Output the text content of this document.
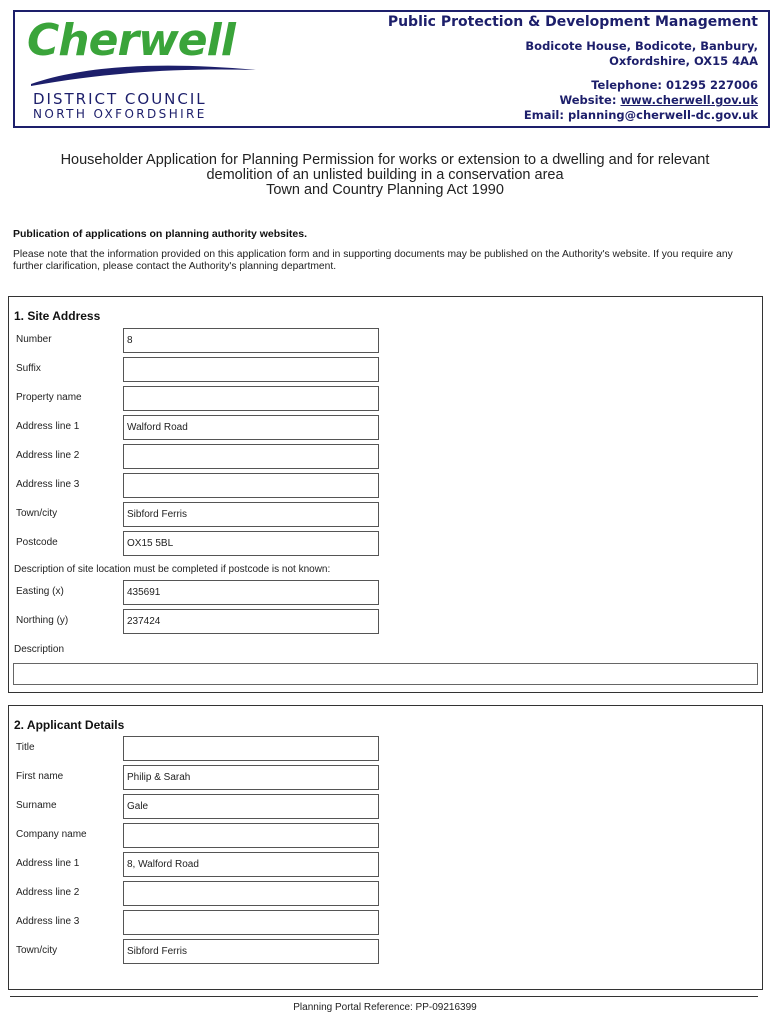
Cherwell
DISTRICT COUNCIL
NORTH OXFORDSHIRE
Public Protection & Development Management
Bodicote House, Bodicote, Banbury,
Oxfordshire, OX15 4AA
Telephone: 01295 227006
Website: www.cherwell.gov.uk
Email: planning@cherwell-dc.gov.uk
Householder Application for Planning Permission for works or extension to a dwelling and for relevant
demolition of an unlisted building in a conservation area
Town and Country Planning Act 1990
Publication of applications on planning authority websites.
Please note that the information provided on this application form and in supporting documents may be published on the Authority's website. If you require any further clarification, please contact the Authority's planning department.
1. Site Address
Number	8
Suffix
Property name
Address line 1	Walford Road
Address line 2
Address line 3
Town/city	Sibford Ferris
Postcode	OX15 5BL
Description of site location must be completed if postcode is not known:
Easting (x)	435691
Northing (y)	237424
Description
2. Applicant Details
Title
First name	Philip & Sarah
Surname	Gale
Company name
Address line 1	8, Walford Road
Address line 2
Address line 3
Town/city	Sibford Ferris
Planning Portal Reference: PP-09216399
